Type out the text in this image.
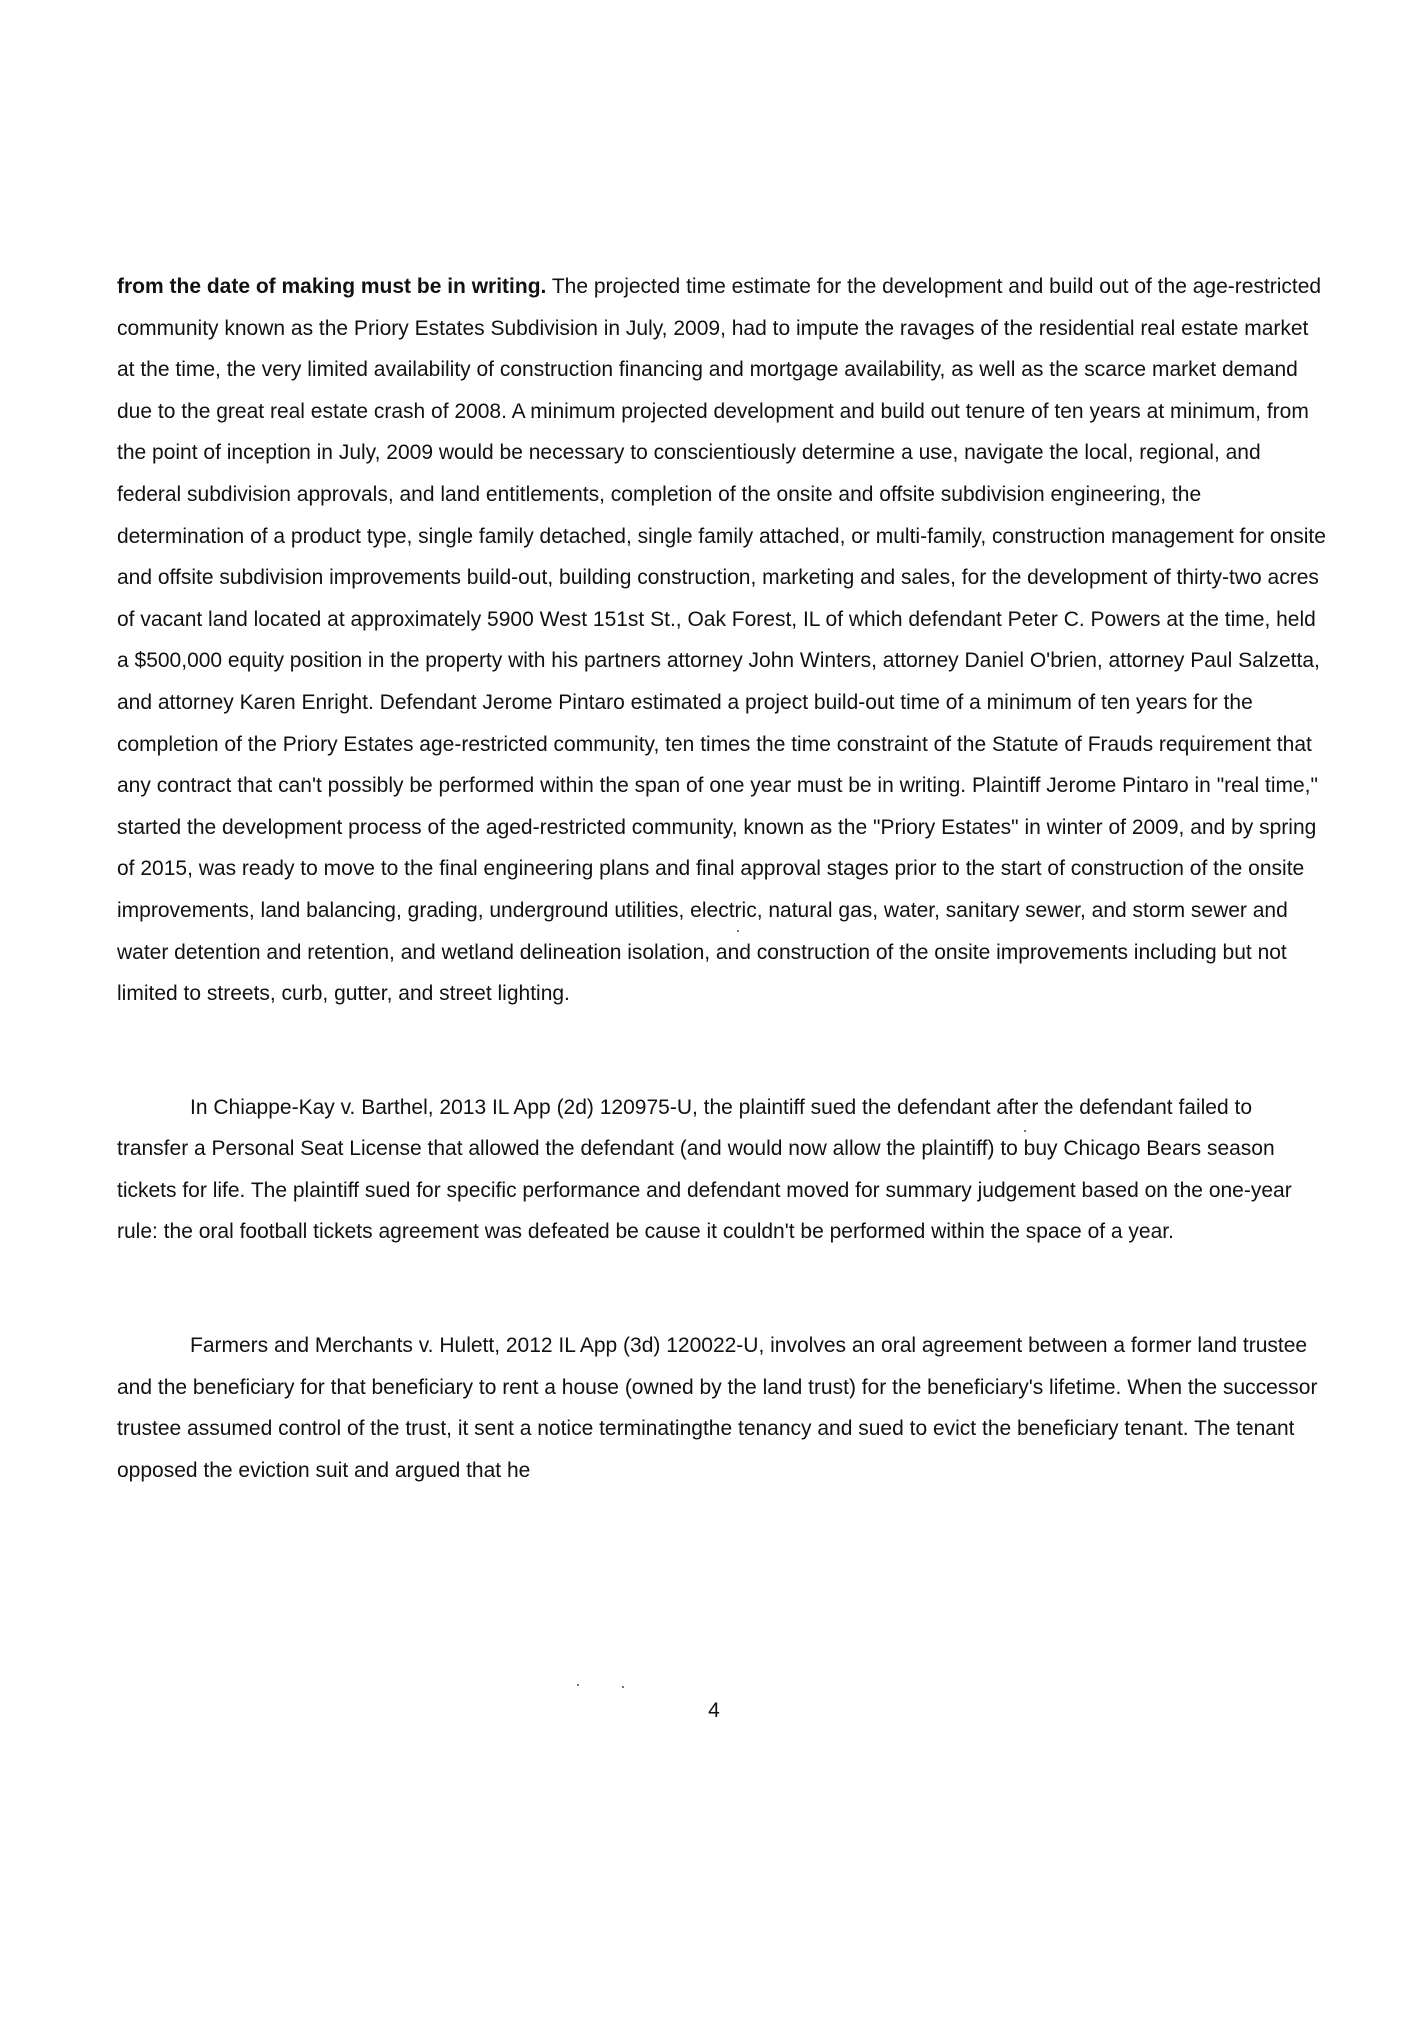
from the date of making must be in writing. The projected time estimate for the development and build out of the age-restricted community known as the Priory Estates Subdivision in July, 2009, had to impute the ravages of the residential real estate market at the time, the very limited availability of construction financing and mortgage availability, as well as the scarce market demand due to the great real estate crash of 2008. A minimum projected development and build out tenure of ten years at minimum, from the point of inception in July, 2009 would be necessary to conscientiously determine a use, navigate the local, regional, and federal subdivision approvals, and land entitlements, completion of the onsite and offsite subdivision engineering, the determination of a product type, single family detached, single family attached, or multi-family, construction management for onsite and offsite subdivision improvements build-out, building construction, marketing and sales, for the development of thirty-two acres of vacant land located at approximately 5900 West 151st St., Oak Forest, IL of which defendant Peter C. Powers at the time, held a $500,000 equity position in the property with his partners attorney John Winters, attorney Daniel O'brien, attorney Paul Salzetta, and attorney Karen Enright. Defendant Jerome Pintaro estimated a project build-out time of a minimum of ten years for the completion of the Priory Estates age-restricted community, ten times the time constraint of the Statute of Frauds requirement that any contract that can't possibly be performed within the span of one year must be in writing. Plaintiff Jerome Pintaro in "real time," started the development process of the aged-restricted community, known as the "Priory Estates" in winter of 2009, and by spring of 2015, was ready to move to the final engineering plans and final approval stages prior to the start of construction of the onsite improvements, land balancing, grading, underground utilities, electric, natural gas, water, sanitary sewer, and storm sewer and water detention and retention, and wetland delineation isolation, and construction of the onsite improvements including but not limited to streets, curb, gutter, and street lighting.

In Chiappe-Kay v. Barthel, 2013 IL App (2d) 120975-U, the plaintiff sued the defendant after the defendant failed to transfer a Personal Seat License that allowed the defendant (and would now allow the plaintiff) to buy Chicago Bears season tickets for life. The plaintiff sued for specific performance and defendant moved for summary judgement based on the one-year rule: the oral football tickets agreement was defeated be cause it couldn't be performed within the space of a year.

Farmers and Merchants v. Hulett, 2012 IL App (3d) 120022-U, involves an oral agreement between a former land trustee and the beneficiary for that beneficiary to rent a house (owned by the land trust) for the beneficiary's lifetime. When the successor trustee assumed control of the trust, it sent a notice terminatingthe tenancy and sued to evict the beneficiary tenant. The tenant opposed the eviction suit and argued that he

4
